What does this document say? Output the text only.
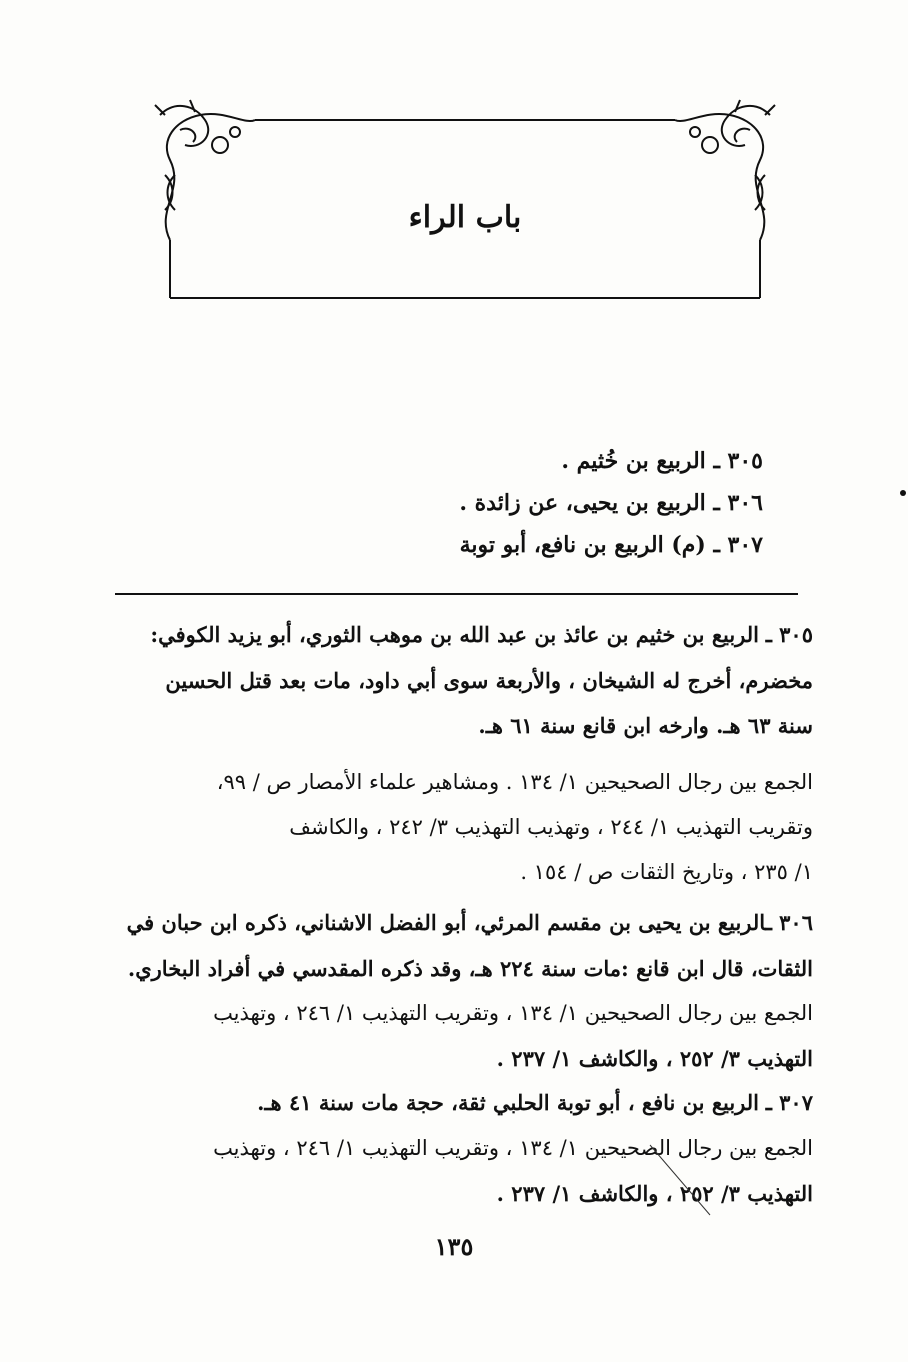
باب الراء
٣٠٥ ـ الربيع بن خُثيم .
٣٠٦ ـ الربيع بن يحيى، عن زائدة .
٣٠٧ ـ (م) الربيع بن نافع، أبو توبة
٣٠٥ ـ الربيع بن خثيم بن عائذ بن عبد الله بن موهب الثوري، أبو يزيد الكوفي:
مخضرم، أخرج له الشيخان ، والأربعة سوى أبي داود، مات بعد قتل الحسين
سنة ٦٣ هـ. وارخه ابن قانع سنة ٦١ هـ.
الجمع بين رجال الصحيحين ١/ ١٣٤ . ومشاهير علماء الأمصار ص / ٩٩،
وتقريب التهذيب ١/ ٢٤٤ ، وتهذيب التهذيب ٣/ ٢٤٢ ، والكاشف
١/ ٢٣٥ ، وتاريخ الثقات ص / ١٥٤ .
٣٠٦ ـالربيع بن يحيى بن مقسم المرئي، أبو الفضل الاشناني، ذكره ابن حبان في
الثقات، قال ابن قانع :مات سنة ٢٢٤ هـ، وقد ذكره المقدسي في أفراد البخاري.
الجمع بين رجال الصحيحين ١/ ١٣٤ ، وتقريب التهذيب ١/ ٢٤٦ ، وتهذيب
التهذيب ٣/ ٢٥٢ ، والكاشف ١/ ٢٣٧ .
٣٠٧ ـ الربيع بن نافع ، أبو توبة الحلبي ثقة، حجة مات سنة ٤١ هـ.
الجمع بين رجال الصحيحين ١/ ١٣٤ ، وتقريب التهذيب ١/ ٢٤٦ ، وتهذيب
التهذيب ٣/ ٢٥٢ ، والكاشف ١/ ٢٣٧ .
١٣٥
